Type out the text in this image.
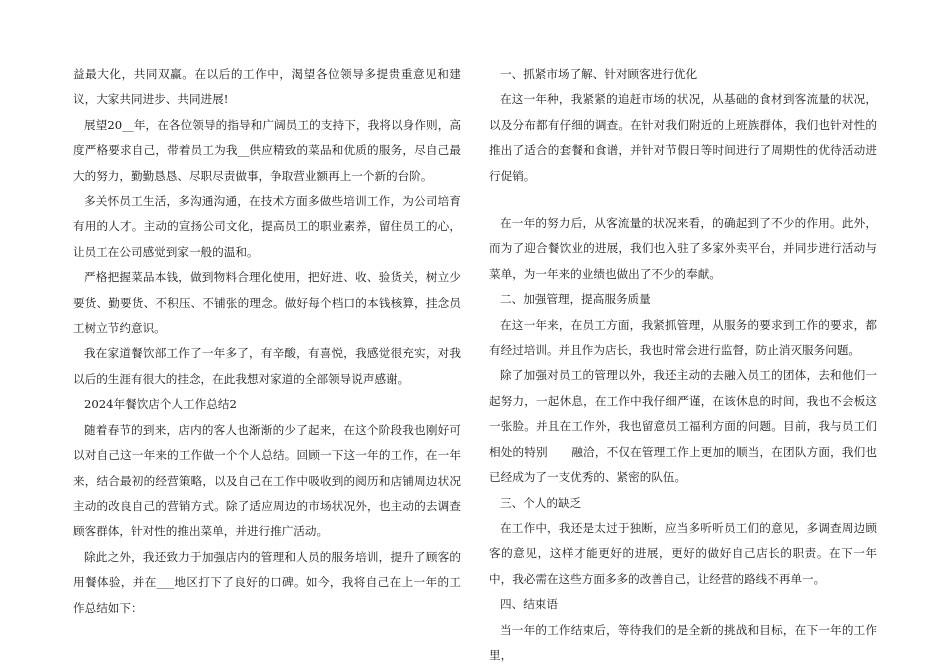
益最大化，共同双赢。在以后的工作中，渴望各位领导多提贵重意见和建议，大家共同进步、共同进展!

展望20__年，在各位领导的指导和广阔员工的支持下，我将以身作则，高度严格要求自己，带着员工为我__供应精致的菜品和优质的服务，尽自己最大的努力，勤勤恳恳、尽职尽责做事，争取营业额再上一个新的台阶。

多关怀员工生活，多沟通沟通，在技术方面多做些培训工作，为公司培育有用的人才。主动的宣扬公司文化，提高员工的职业素养，留住员工的心，让员工在公司感觉到家一般的温和。

严格把握菜品本钱，做到物料合理化使用，把好进、收、验货关，树立少要货、勤要货、不积压、不铺张的理念。做好每个档口的本钱核算，挂念员工树立节约意识。

我在家道餐饮部工作了一年多了，有辛酸，有喜悦，我感觉很充实，对我以后的生涯有很大的挂念，在此我想对家道的全部领导说声感谢。

2024年餐饮店个人工作总结2

随着春节的到来，店内的客人也渐渐的少了起来，在这个阶段我也刚好可以对自己这一年来的工作做一个个人总结。回顾一下这一年的工作，在一年来，结合最初的经营策略，以及自己在工作中吸收到的阅历和店铺周边状况主动的改良自己的营销方式。除了适应周边的市场状况外，也主动的去调查顾客群体，针对性的推出菜单，并进行推广活动。

除此之外，我还致力于加强店内的管理和人员的服务培训，提升了顾客的用餐体验，并在___地区打下了良好的口碑。如今，我将自己在上一年的工作总结如下：

一、抓紧市场了解、针对顾客进行优化

在这一年种，我紧紧的追赶市场的状况，从基础的食材到客流量的状况，以及分布都有仔细的调查。在针对我们附近的上班族群体，我们也针对性的推出了适合的套餐和食谱，并针对节假日等时间进行了周期性的优待活动进行促销。

在一年的努力后，从客流量的状况来看，的确起到了不少的作用。此外，而为了迎合餐饮业的进展，我们也入驻了多家外卖平台，并同步进行活动与菜单，为一年来的业绩也做出了不少的奉献。

二、加强管理，提高服务质量

在这一年来，在员工方面，我紧抓管理，从服务的要求到工作的要求，都有经过培训。并且作为店长，我也时常会进行监督，防止消灭服务问题。

除了加强对员工的管理以外，我还主动的去融入员工的团体，去和他们一起努力，一起休息，在工作中我仔细严谨，在该休息的时间，我也不会板这一张脸。并且在工作外，我也留意员工福利方面的问题。目前，我与员工们相处的特别　　融洽，不仅在管理工作上更加的顺当，在团队方面，我们也已经成为了一支优秀的、紧密的队伍。

三、个人的缺乏

在工作中，我还是太过于独断，应当多听听员工们的意见，多调查周边顾客的意见，这样才能更好的进展，更好的做好自己店长的职责。在下一年中，我必需在这些方面多多的改善自己，让经营的路线不再单一。

四、结束语

当一年的工作结束后，等待我们的是全新的挑战和目标，在下一年的工作里，
